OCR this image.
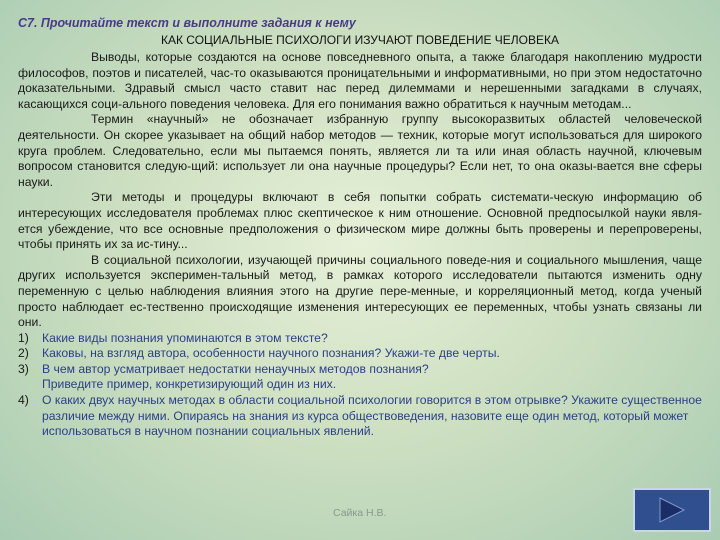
С7. Прочитайте текст и выполните задания к нему
КАК СОЦИАЛЬНЫЕ ПСИХОЛОГИ ИЗУЧАЮТ ПОВЕДЕНИЕ ЧЕЛОВЕКА

Выводы, которые создаются на основе повседневного опыта, а также благодаря накоплению мудрости философов, поэтов и писателей, час-то оказываются проницательными и информативными, но при этом недостаточно доказательными. Здравый смысл часто ставит нас перед дилеммами и нерешенными загадками в случаях, касающихся соци-ального поведения человека. Для его понимания важно обратиться к научным методам...

Термин «научный» не обозначает избранную группу высокоразвитых областей человеческой деятельности. Он скорее указывает на общий набор методов — техник, которые могут использоваться для широкого круга проблем. Следовательно, если мы пытаемся понять, является ли та или иная область научной, ключевым вопросом становится следую-щий: использует ли она научные процедуры? Если нет, то она оказы-вается вне сферы науки.

Эти методы и процедуры включают в себя попытки собрать системати-ческую информацию об интересующих исследователя проблемах плюс скептическое к ним отношение. Основной предпосылкой науки явля-ется убеждение, что все основные предположения о физическом мире должны быть проверены и перепроверены, чтобы принять их за ис-тину...

В социальной психологии, изучающей причины социального поведе-ния и социального мышления, чаще других используется эксперимен-тальный метод, в рамках которого исследователи пытаются изменить одну переменную с целью наблюдения влияния этого на другие пере-менные, и корреляционный метод, когда ученый просто наблюдает ес-тественно происходящие изменения интересующих ее переменных, чтобы узнать связаны ли они.

1)	Какие виды познания упоминаются в этом тексте?
2)	Каковы, на взгляд автора, особенности научного познания? Укажи-те две черты.
3)	В чем автор усматривает недостатки ненаучных методов познания?
Приведите пример, конкретизирующий один из них.
4)	О каких двух научных методах в области социальной психологии говорится в этом отрывке? Укажите существенное различие между ними. Опираясь на знания из курса обществоведения, назовите еще один метод, который может использоваться в научном познании социальных явлений.
Сайка Н.В.
